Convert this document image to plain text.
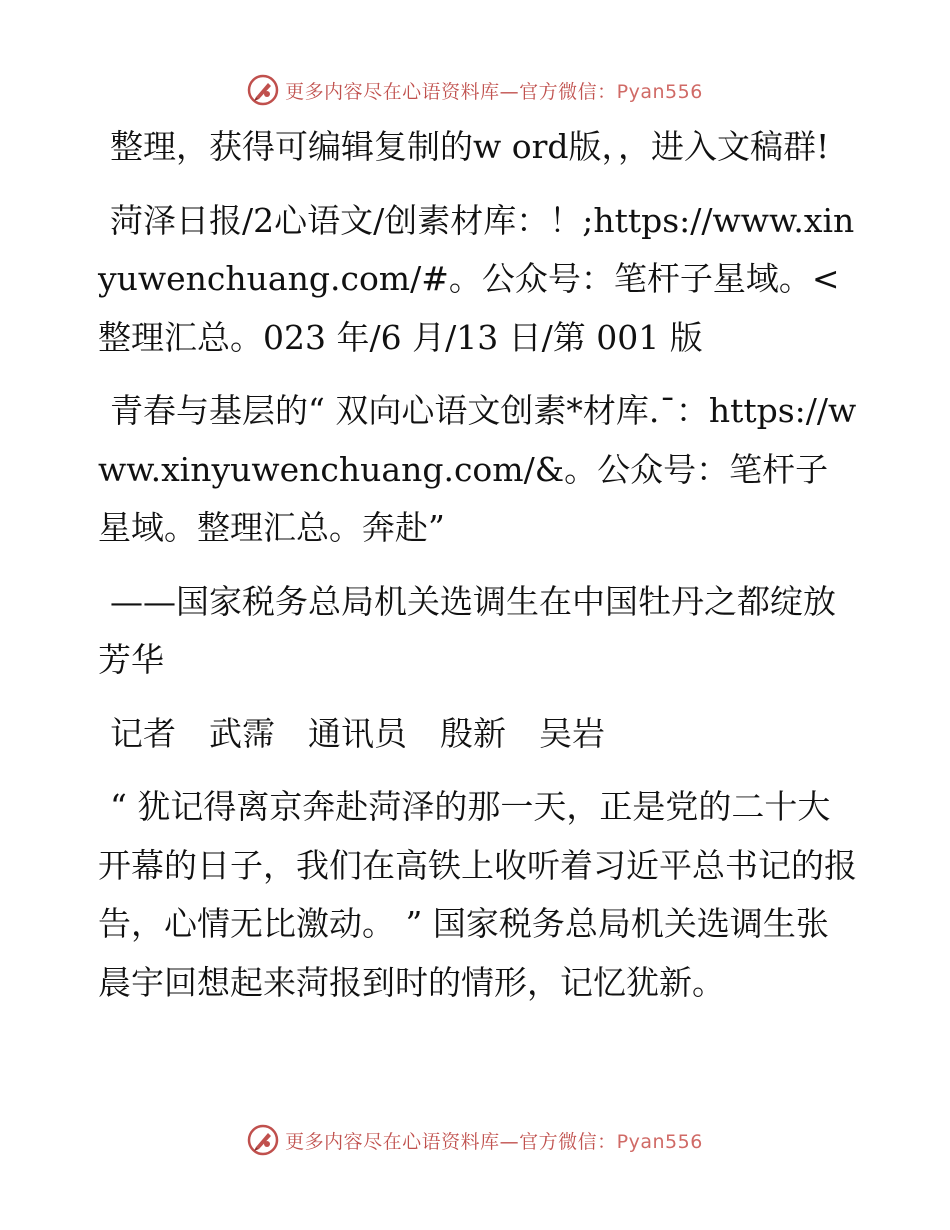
更多内容尽在心语资料库—官方微信：Pyan556

整理，获得可编辑复制的w ord版，，进入文稿群!

菏泽日报/2心语文/创素材库：！;https://www.xinyuwenchuang.com/#。公众号：笔杆子星域。<整理汇总。023 年/6 月/13 日/第 001 版

青春与基层的“ 双向心语文创素*材库.¯：https://www.xinyuwenchuang.com/&。公众号：笔杆子星域。整理汇总。奔赴”

——国家税务总局机关选调生在中国牡丹之都绽放芳华

记者　武霈　通讯员　殷新　吴岩

“ 犹记得离京奔赴菏泽的那一天，正是党的二十大开幕的日子，我们在高铁上收听着习近平总书记的报告，心情无比激动。 ” 国家税务总局机关选调生张晨宇回想起来菏报到时的情形，记忆犹新。

更多内容尽在心语资料库—官方微信：Pyan556
